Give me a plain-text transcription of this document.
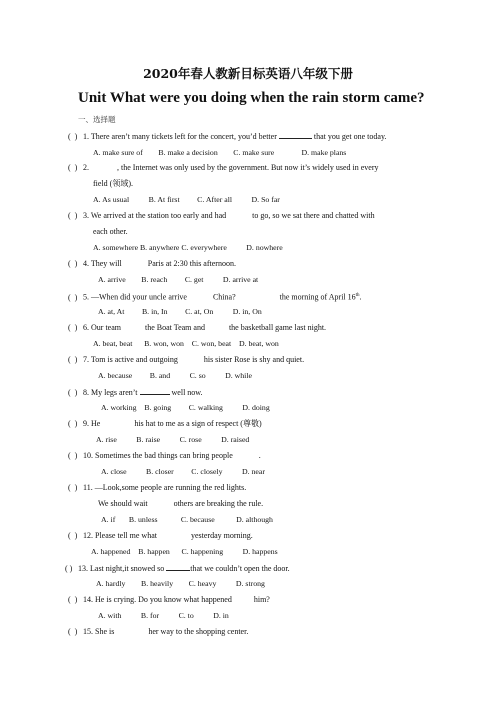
2020年春人教新目标英语八年级下册
Unit What were you doing when the rain storm came?
一、选择题
(  ) 1. There aren’t many tickets left for the concert, you’d better	that you get one today.
A. make sure of        B. make a decision        C. make sure              D. make plans
(  ) 2.	, the Internet was only used by the government. But now it’s widely used in every
field (领域).
A. As usual          B. At first         C. After all          D. So far
(  ) 3. We arrived at the station too early and had	to go, so we sat there and chatted with
each other.
A. somewhere B. anywhere C. everywhere          D. nowhere
(  ) 4. They will	Paris at 2:30 this afternoon.
A. arrive        B. reach         C. get          D. arrive at
(  ) 5. —When did your uncle arrive	China?	the morning of April 16th.
A. at, At         B. in, In         C. at, On          D. in, On
(  ) 6. Our team	the Boat Team and	the basketball game last night.
A. beat, beat      B. won, won    C. won, beat    D. beat, won
(  ) 7. Tom is active and outgoing	his sister Rose is shy and quiet.
A. because         B. and          C. so          D. while
(  ) 8. My legs aren’t	well now.
A. working    B. going         C. walking          D. doing
(  ) 9. He	his hat to me as a sign of respect (尊敬)
A. rise          B. raise          C. rose          D. raised
(  ) 10. Sometimes the bad things can bring people	.
A. close          B. closer         C. closely          D. near
(  ) 11. —Look,some people are running the red lights.
We should wait	others are breaking the rule.
A. if       B. unless            C. because           D. although
(  ) 12. Please tell me what	yesterday morning.
A. happened    B. happen      C. happening          D. happens
( ) 13. Last night,it snowed so	that we couldn’t open the door.
A. hardly        B. heavily        C. heavy          D. strong
(  ) 14. He is crying. Do you know what happened  him?
A. with          B. for          C. to          D. in
(  ) 15. She is	her way to the shopping center.
